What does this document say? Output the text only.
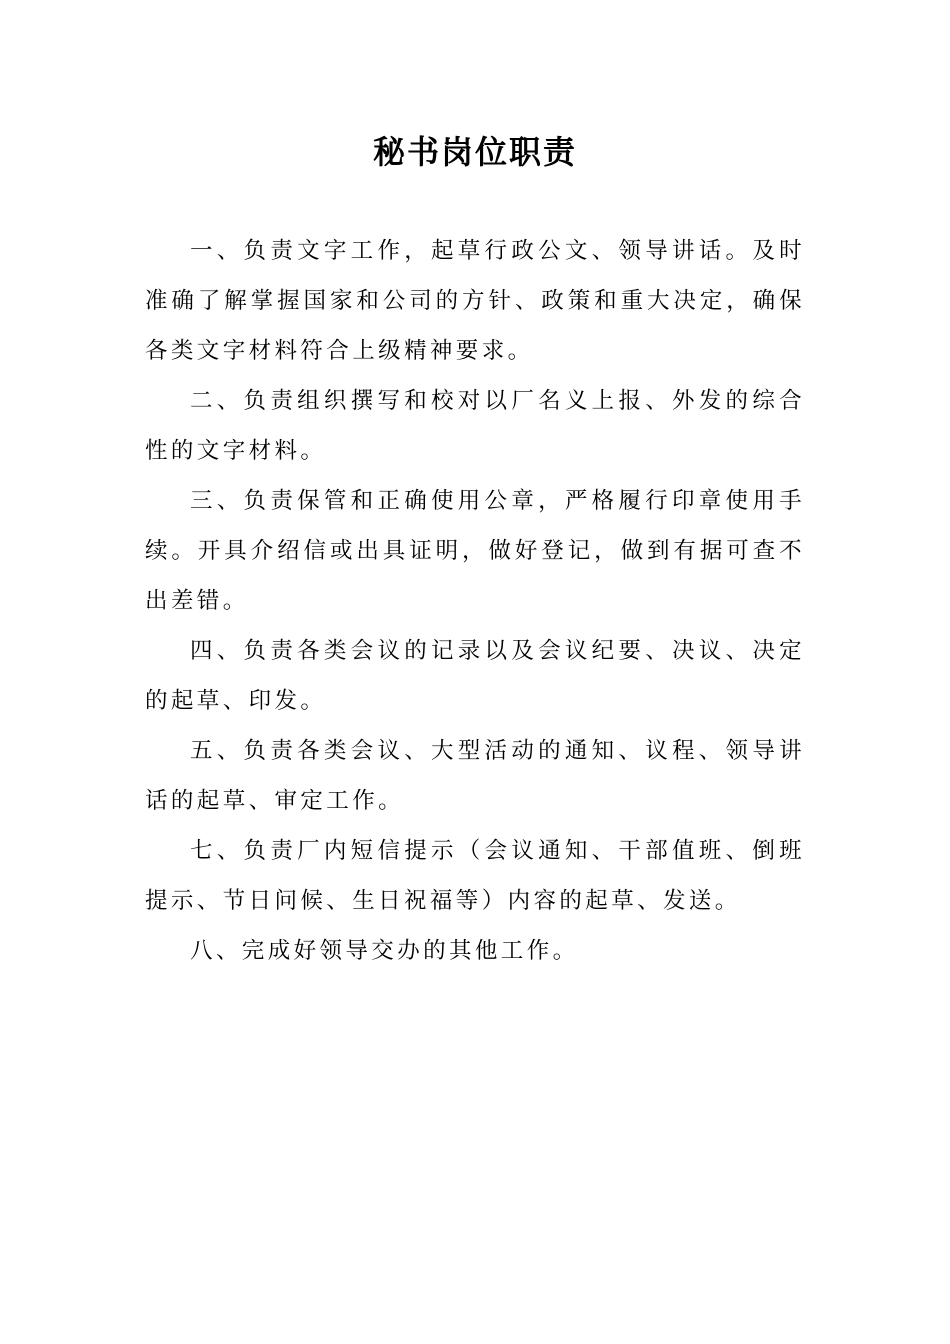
秘书岗位职责

一、负责文字工作，起草行政公文、领导讲话。及时准确了解掌握国家和公司的方针、政策和重大决定，确保各类文字材料符合上级精神要求。

二、负责组织撰写和校对以厂名义上报、外发的综合性的文字材料。

三、负责保管和正确使用公章，严格履行印章使用手续。开具介绍信或出具证明，做好登记，做到有据可查不出差错。

四、负责各类会议的记录以及会议纪要、决议、决定的起草、印发。

五、负责各类会议、大型活动的通知、议程、领导讲话的起草、审定工作。

七、负责厂内短信提示（会议通知、干部值班、倒班提示、节日问候、生日祝福等）内容的起草、发送。

八、完成好领导交办的其他工作。
